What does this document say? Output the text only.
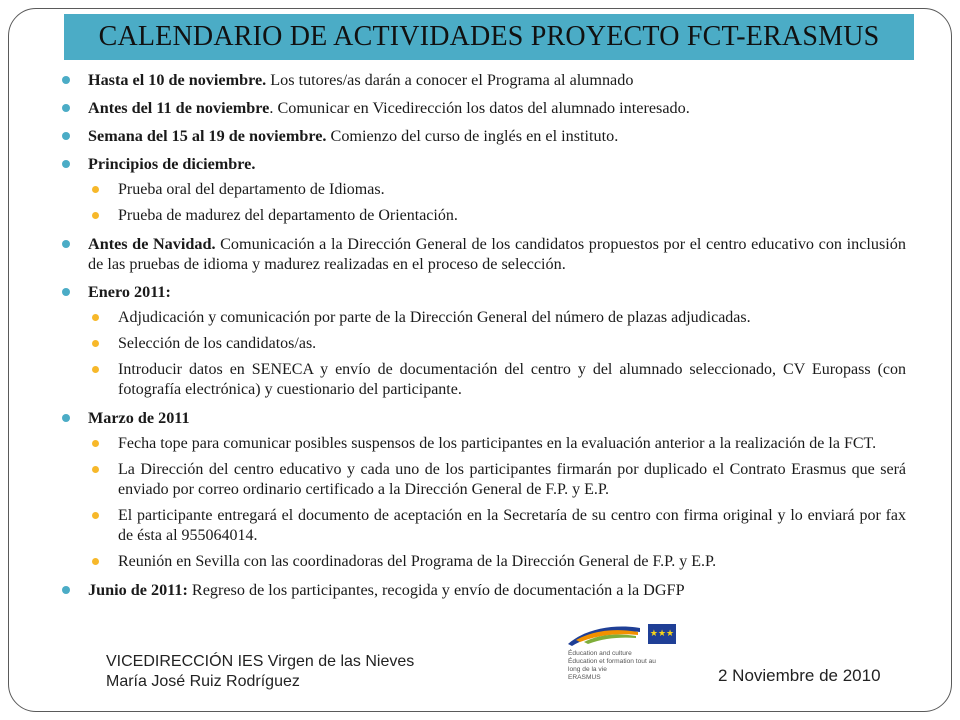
CALENDARIO DE ACTIVIDADES PROYECTO FCT-ERASMUS
Hasta el 10 de noviembre. Los tutores/as darán a conocer el Programa al alumnado
Antes del 11 de noviembre. Comunicar en Vicedirección los datos del alumnado interesado.
Semana del 15 al 19 de noviembre. Comienzo del curso de inglés en el instituto.
Principios de diciembre.
Prueba oral del departamento de Idiomas.
Prueba de madurez del departamento de Orientación.
Antes de Navidad. Comunicación a la Dirección General de los candidatos propuestos por el centro educativo con inclusión de las pruebas de idioma y madurez realizadas en el proceso de selección.
Enero 2011:
Adjudicación y comunicación por parte de la Dirección General del número de plazas adjudicadas.
Selección de los candidatos/as.
Introducir datos en SENECA y envío de documentación del centro y del alumnado seleccionado, CV Europass (con fotografía electrónica) y cuestionario del participante.
Marzo de 2011
Fecha tope para comunicar posibles suspensos de los participantes en la evaluación anterior a la realización de la FCT.
La Dirección del centro educativo y cada uno de los participantes firmarán por duplicado el Contrato Erasmus que será enviado por correo ordinario certificado a la Dirección General de F.P. y E.P.
El participante entregará el documento de aceptación en la Secretaría de su centro con firma original y lo enviará por fax de ésta al 955064014.
Reunión en Sevilla con las coordinadoras del Programa de la Dirección General de F.P. y E.P.
Junio de 2011: Regreso de los participantes, recogida y envío de documentación a la DGFP
★★★
Éducation and culture
Éducation et formation tout au
long de la vie
ERASMUS
VICEDIRECCIÓN IES Virgen de las Nieves
María José Ruiz Rodríguez	2 Noviembre de 2010
